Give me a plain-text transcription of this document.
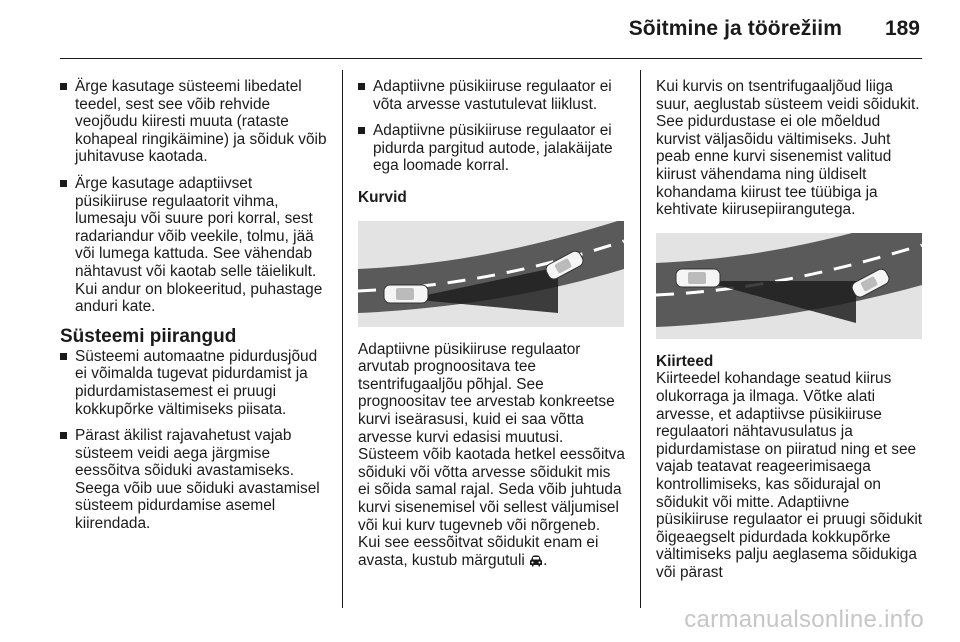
Sõitmine ja töörežiim 189
Ärge kasutage süsteemi libedatel teedel, sest see võib rehvide veojõudu kiiresti muuta (rataste kohapeal ringikäimine) ja sõiduk võib juhitavuse kaotada.
Ärge kasutage adaptiivset püsikiiruse regulaatorit vihma, lumesaju või suure pori korral, sest radariandur võib veekile, tolmu, jää või lumega kattuda. See vähendab nähtavust või kaotab selle täielikult. Kui andur on blokeeritud, puhastage anduri kate.
Süsteemi piirangud
Süsteemi automaatne pidurdusjõud ei võimalda tugevat pidurdamist ja pidurdamistasemest ei pruugi kokkupõrke vältimiseks piisata.
Pärast äkilist rajavahetust vajab süsteem veidi aega järgmise eessõitva sõiduki avastamiseks. Seega võib uue sõiduki avastamisel süsteem pidurdamise asemel kiirendada.
Adaptiivne püsikiiruse regulaator ei võta arvesse vastutulevat liiklust.
Adaptiivne püsikiiruse regulaator ei pidurda pargitud autode, jalakäijate ega loomade korral.

Kurvid

Adaptiivne püsikiiruse regulaator arvutab prognoositava tee tsentrifugaaljõu põhjal. See prognoositav tee arvestab konkreetse kurvi iseärasusi, kuid ei saa võtta arvesse kurvi edasisi muutusi. Süsteem võib kaotada hetkel eessõitva sõiduki või võtta arvesse sõidukit mis ei sõida samal rajal. Seda võib juhtuda kurvi sisenemisel või sellest väljumisel või kui kurv tugevneb või nõrgeneb. Kui see eessõitvat sõidukit enam ei avasta, kustub märgutuli .

Kui kurvis on tsentrifugaaljõud liiga suur, aeglustab süsteem veidi sõidukit. See pidurdustase ei ole mõeldud kurvist väljasõidu vältimiseks. Juht peab enne kurvi sisenemist valitud kiirust vähendama ning üldiselt kohandama kiirust tee tüübiga ja kehtivate kiirusepiirangutega.

Kiirteed

Kiirteedel kohandage seatud kiirus olukorraga ja ilmaga. Võtke alati arvesse, et adaptiivse püsikiiruse regulaatori nähtavusulatus ja pidurdamistase on piiratud ning et see vajab teatavat reageerimisaega kontrollimiseks, kas sõidurajal on sõidukit või mitte. Adaptiivne püsikiiruse regulaator ei pruugi sõidukit õigeaegselt pidurdada kokkupõrke vältimiseks palju aeglasema sõidukiga või pärast

carmanualsonline.info
